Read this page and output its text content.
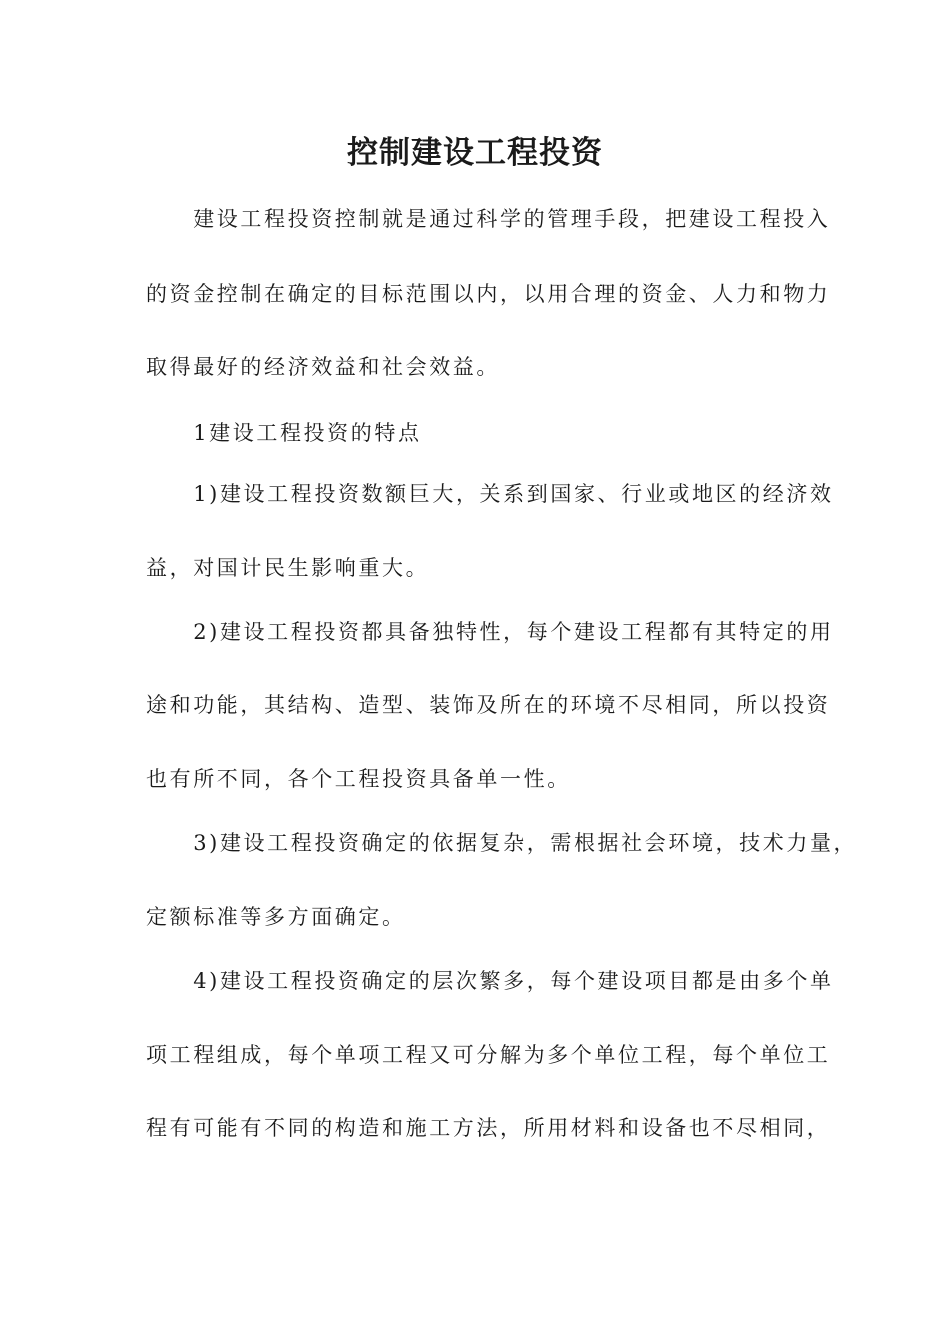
控制建设工程投资

　　建设工程投资控制就是通过科学的管理手段，把建设工程投入

的资金控制在确定的目标范围以内，以用合理的资金、人力和物力

取得最好的经济效益和社会效益。

　　1建设工程投资的特点

　　1)建设工程投资数额巨大，关系到国家、行业或地区的经济效

益，对国计民生影响重大。

　　2)建设工程投资都具备独特性，每个建设工程都有其特定的用

途和功能，其结构、造型、装饰及所在的环境不尽相同，所以投资

也有所不同，各个工程投资具备单一性。

　　3)建设工程投资确定的依据复杂，需根据社会环境，技术力量，

定额标准等多方面确定。

　　4)建设工程投资确定的层次繁多，每个建设项目都是由多个单

项工程组成，每个单项工程又可分解为多个单位工程，每个单位工

程有可能有不同的构造和施工方法，所用材料和设备也不尽相同，
